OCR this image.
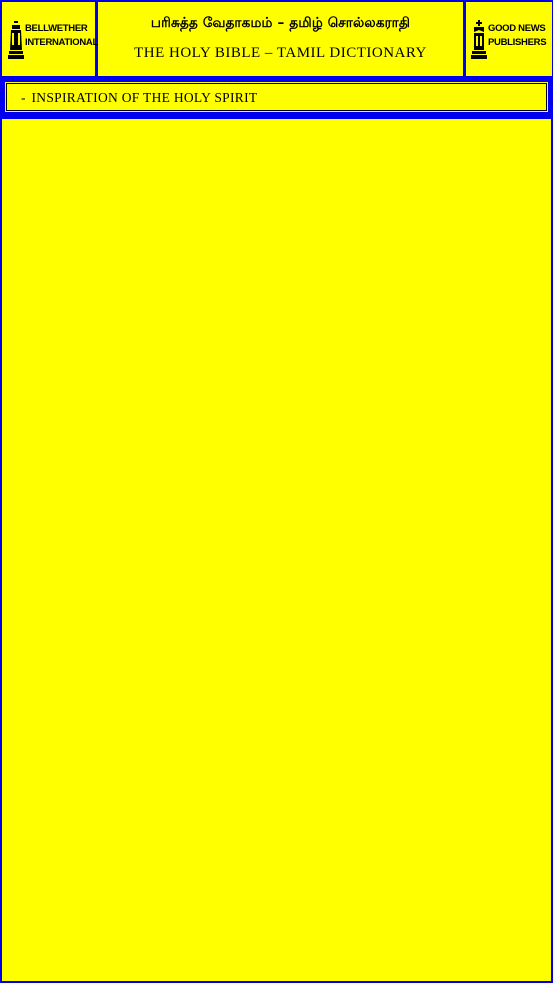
BELLWETHER
INTERNATIONAL
பரிசுத்த வேதாகமம் – தமிழ் சொல்லகராதி
THE HOLY BIBLE – TAMIL DICTIONARY
GOOD NEWS
PUBLISHERS
- INSPIRATION OF THE HOLY SPIRIT
